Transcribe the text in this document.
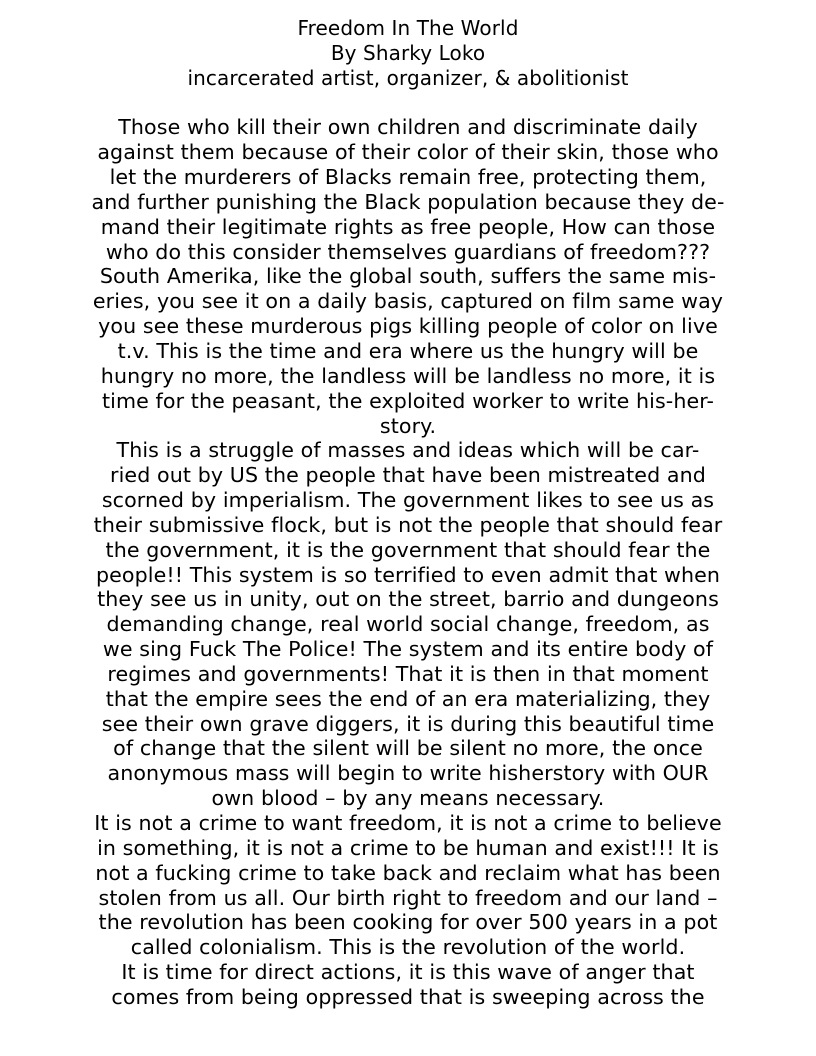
Freedom In The World

By Sharky Loko

incarcerated artist, organizer, & abolitionist

Those who kill their own children and discriminate daily

against them because of their color of their skin, those who

let the murderers of Blacks remain free, protecting them,

and further punishing the Black population because they de-

mand their legitimate rights as free people, How can those

who do this consider themselves guardians of freedom???

South Amerika, like the global south, suffers the same mis-

eries, you see it on a daily basis, captured on film same way

you see these murderous pigs killing people of color on live

t.v. This is the time and era where us the hungry will be

hungry no more, the landless will be landless no more, it is

time for the peasant, the exploited worker to write his-her-

story.

This is a struggle of masses and ideas which will be car-

ried out by US the people that have been mistreated and

scorned by imperialism. The government likes to see us as

their submissive flock, but is not the people that should fear

the government, it is the government that should fear the

people!! This system is so terrified to even admit that when

they see us in unity, out on the street, barrio and dungeons

demanding change, real world social change, freedom, as

we sing Fuck The Police! The system and its entire body of

regimes and governments! That it is then in that moment

that the empire sees the end of an era materializing, they

see their own grave diggers, it is during this beautiful time

of change that the silent will be silent no more, the once

anonymous mass will begin to write hisherstory with OUR

own blood – by any means necessary.

It is not a crime to want freedom, it is not a crime to believe

in something, it is not a crime to be human and exist!!! It is

not a fucking crime to take back and reclaim what has been

stolen from us all. Our birth right to freedom and our land –

the revolution has been cooking for over 500 years in a pot

called colonialism. This is the revolution of the world.

It is time for direct actions, it is this wave of anger that

comes from being oppressed that is sweeping across the
